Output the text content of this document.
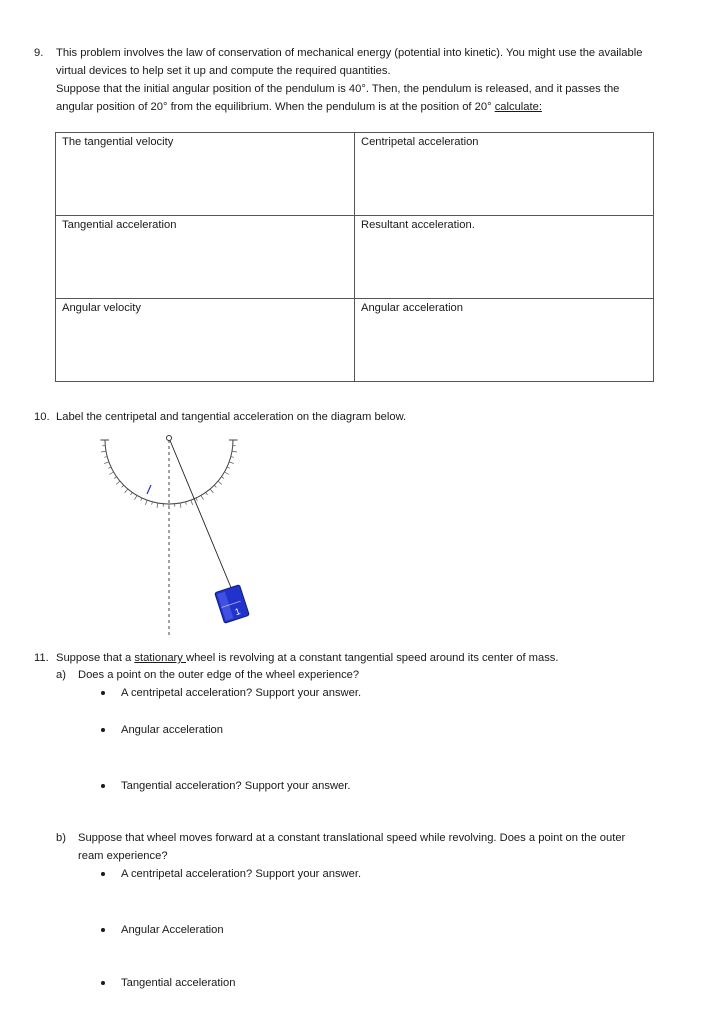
9. This problem involves the law of conservation of mechanical energy (potential into kinetic). You might use the available
virtual devices to help set it up and compute the required quantities.
Suppose that the initial angular position of the pendulum is 40°. Then, the pendulum is released, and it passes the
angular position of 20° from the equilibrium. When the pendulum is at the position of 20° calculate:
The tangential velocity	Centripetal acceleration
Tangential acceleration	Resultant acceleration.
Angular velocity	Angular acceleration
10. Label the centripetal and tangential acceleration on the diagram below.
1
11. Suppose that a stationary wheel is revolving at a constant tangential speed around its center of mass.
a) Does a point on the outer edge of the wheel experience?
A centripetal acceleration? Support your answer.
Angular acceleration
Tangential acceleration? Support your answer.
b) Suppose that wheel moves forward at a constant translational speed while revolving. Does a point on the outer
ream experience?
A centripetal acceleration? Support your answer.
Angular Acceleration
Tangential acceleration
